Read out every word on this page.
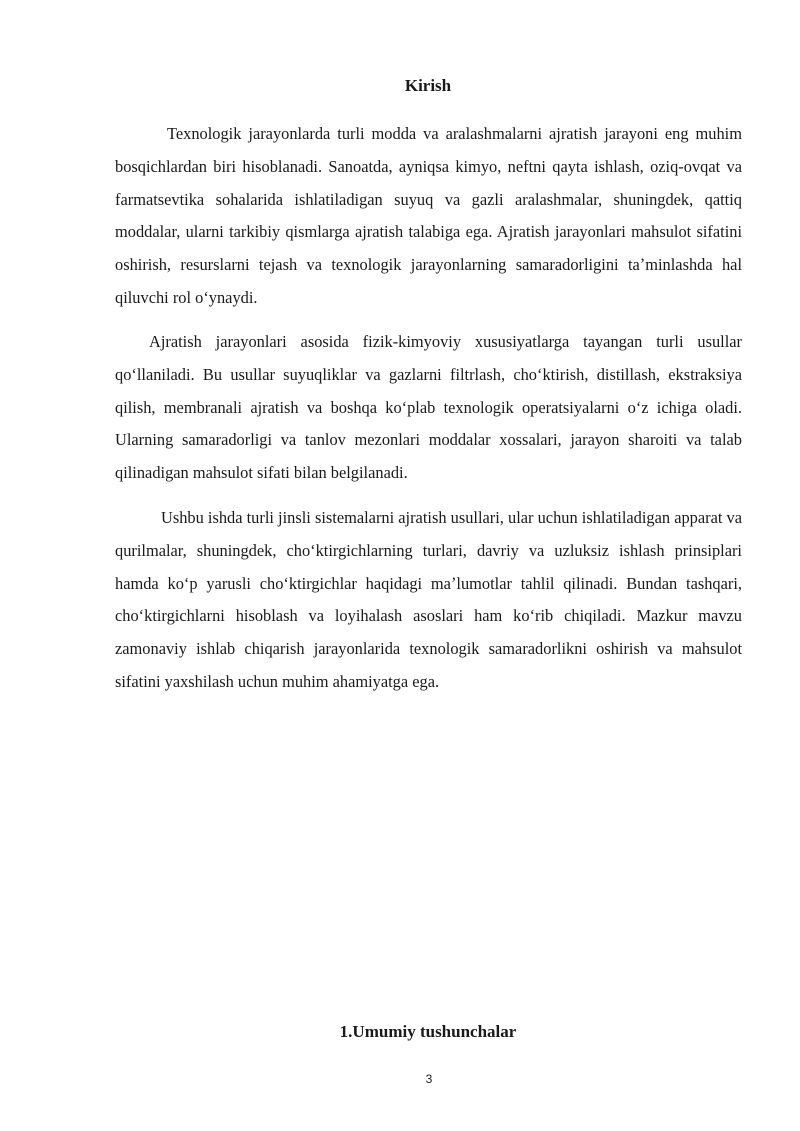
Kirish

Texnologik jarayonlarda turli modda va aralashmalarni ajratish jarayoni eng muhim bosqichlardan biri hisoblanadi. Sanoatda, ayniqsa kimyo, neftni qayta ishlash, oziq-ovqat va farmatsevtika sohalarida ishlatiladigan suyuq va gazli aralashmalar, shuningdek, qattiq moddalar, ularni tarkibiy qismlarga ajratish talabiga ega. Ajratish jarayonlari mahsulot sifatini oshirish, resurslarni tejash va texnologik jarayonlarning samaradorligini taʼminlashda hal qiluvchi rol oʻynaydi.

Ajratish jarayonlari asosida fizik-kimyoviy xususiyatlarga tayangan turli usullar qoʻllaniladi. Bu usullar suyuqliklar va gazlarni filtrlash, choʻktirish, distillash, ekstraksiya qilish, membranali ajratish va boshqa koʻplab texnologik operatsiyalarni oʻz ichiga oladi. Ularning samaradorligi va tanlov mezonlari moddalar xossalari, jarayon sharoiti va talab qilinadigan mahsulot sifati bilan belgilanadi.

Ushbu ishda turli jinsli sistemalarni ajratish usullari, ular uchun ishlatiladigan apparat va qurilmalar, shuningdek, choʻktirgichlarning turlari, davriy va uzluksiz ishlash prinsiplari hamda koʻp yarusli choʻktirgichlar haqidagi maʼlumotlar tahlil qilinadi. Bundan tashqari, choʻktirgichlarni hisoblash va loyihalash asoslari ham koʻrib chiqiladi. Mazkur mavzu zamonaviy ishlab chiqarish jarayonlarida texnologik samaradorlikni oshirish va mahsulot sifatini yaxshilash uchun muhim ahamiyatga ega.

1.Umumiy tushunchalar

3
